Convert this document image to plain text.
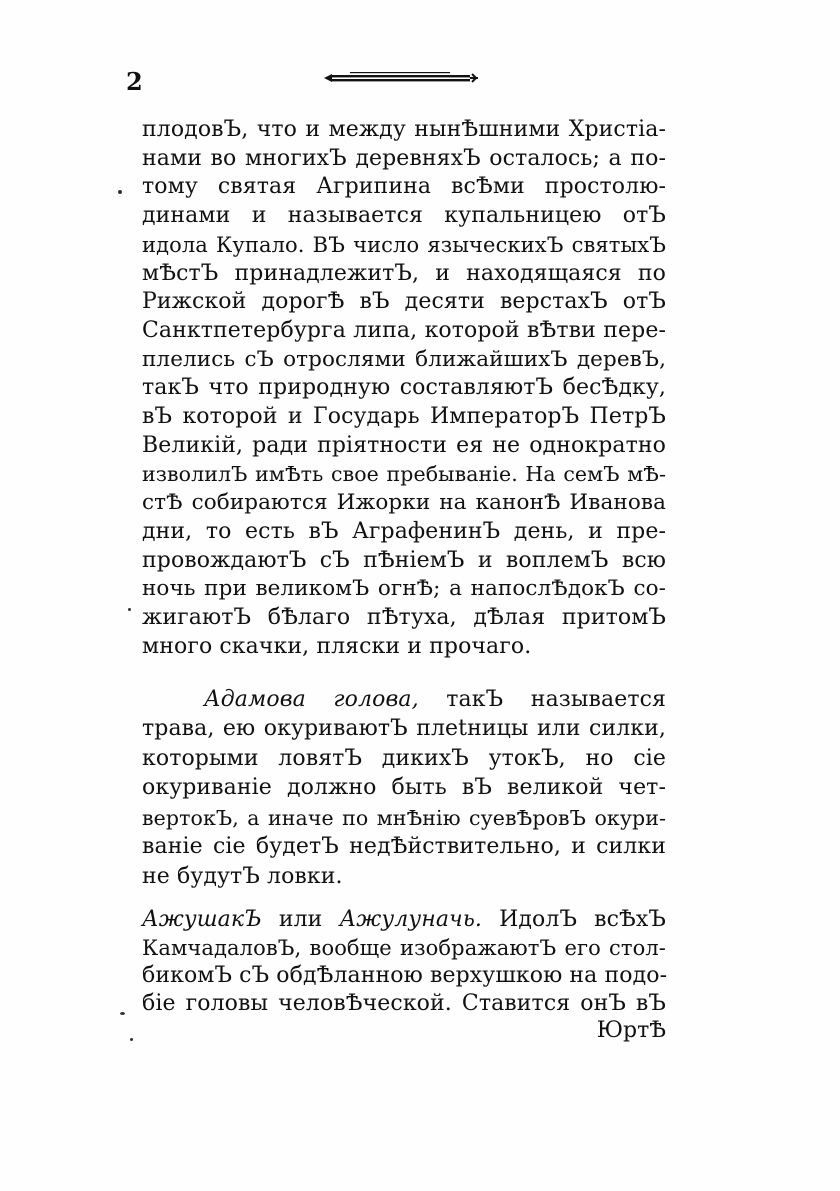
2
плодовЪ, что и между нынѢшними Христіа-
нами во многихЪ деревняхЪ осталось; а по-
тому святая Агрипина всѢми простолю-
динами и называется купальницею отЪ
идола Купало. ВЪ число языческихЪ святыхЪ
мѢстЪ принадлежитЪ, и находящаяся по
Рижской дорогѢ вЪ десяти верстахЪ отЪ
Санктпетербурга липа, которой вѢтви пере-
плелись сЪ отрослями ближайшихЪ деревЪ,
такЪ что природную составляютЪ бесѢдку,
вЪ которой и Государь ИмператорЪ ПетрЪ
Великій, ради пріятности ея не однократно
изволилЪ имѢть свое пребываніе. На семЪ мѢ-
стѢ собираются Ижорки на канонѢ Иванова
дни, то есть вЪ АграфенинЪ день, и пре-
провождаютЪ сЪ пѢніемЪ и воплемЪ всю
ночь при великомЪ огнѢ; а напослѢдокЪ со-
жигаютЪ бѢлаго пѢтуха, дѢлая притомЪ
много скачки, пляски и прочаго.
Адамова голова, такЪ называется
трава, ею окуриваютЪ плеtницы или силки,
которыми ловятЪ дикихЪ утокЪ, но сіе
окуриваніе должно быть вЪ великой чет-
вертокЪ, а иначе по мнѢнію суевѢровЪ окури-
ваніе сіе будетЪ недѢйствительно, и силки
не будутЪ ловки.
АжушакЪ или Ажулуначь. ИдолЪ всѢхЪ
КамчадаловЪ, вообще изображаютЪ его стол-
бикомЪ сЪ обдѢланною верхушкою на подо-
біе головы человѢческой. Ставится онЪ вЪ
ЮртѢ
